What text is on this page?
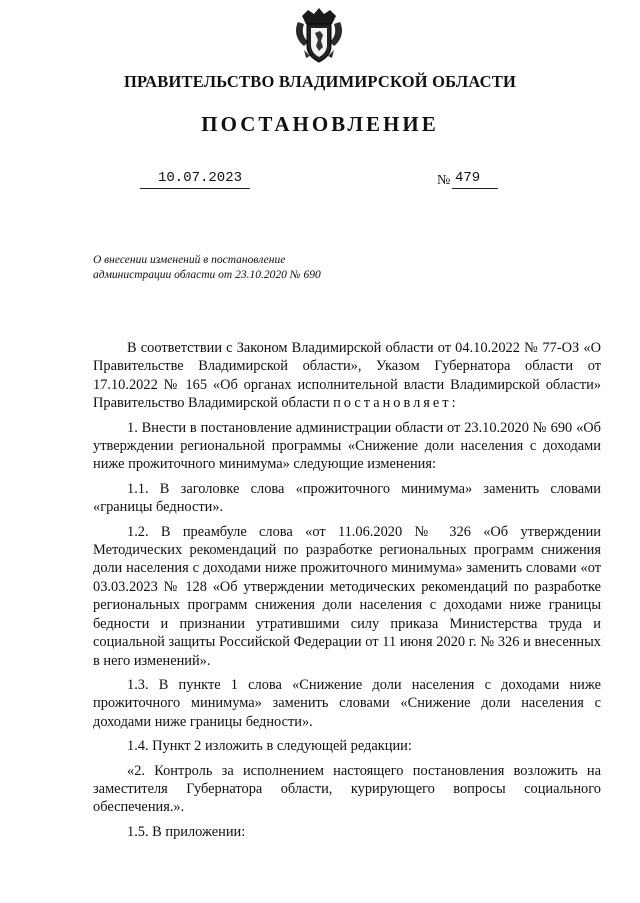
ПРАВИТЕЛЬСТВО ВЛАДИМИРСКОЙ ОБЛАСТИ
ПОСТАНОВЛЕНИЕ
10.07.2023	№ 479
О внесении изменений в постановление администрации области от 23.10.2020 № 690

В соответствии с Законом Владимирской области от 04.10.2022 № 77-ОЗ «О Правительстве Владимирской области», Указом Губернатора области от 17.10.2022 № 165 «Об органах исполнительной власти Владимирской области» Правительство Владимирской области постановляет:

1. Внести в постановление администрации области от 23.10.2020 № 690 «Об утверждении региональной программы «Снижение доли населения с доходами ниже прожиточного минимума» следующие изменения:

1.1. В заголовке слова «прожиточного минимума» заменить словами «границы бедности».

1.2. В преамбуле слова «от 11.06.2020 № 326 «Об утверждении Методических рекомендаций по разработке региональных программ снижения доли населения с доходами ниже прожиточного минимума» заменить словами «от 03.03.2023 № 128 «Об утверждении методических рекомендаций по разработке региональных программ снижения доли населения с доходами ниже границы бедности и признании утратившими силу приказа Министерства труда и социальной защиты Российской Федерации от 11 июня 2020 г. № 326 и внесенных в него изменений».

1.3. В пункте 1 слова «Снижение доли населения с доходами ниже прожиточного минимума» заменить словами «Снижение доли населения с доходами ниже границы бедности».

1.4. Пункт 2 изложить в следующей редакции:

«2. Контроль за исполнением настоящего постановления возложить на заместителя Губернатора области, курирующего вопросы социального обеспечения.».

1.5. В приложении:
